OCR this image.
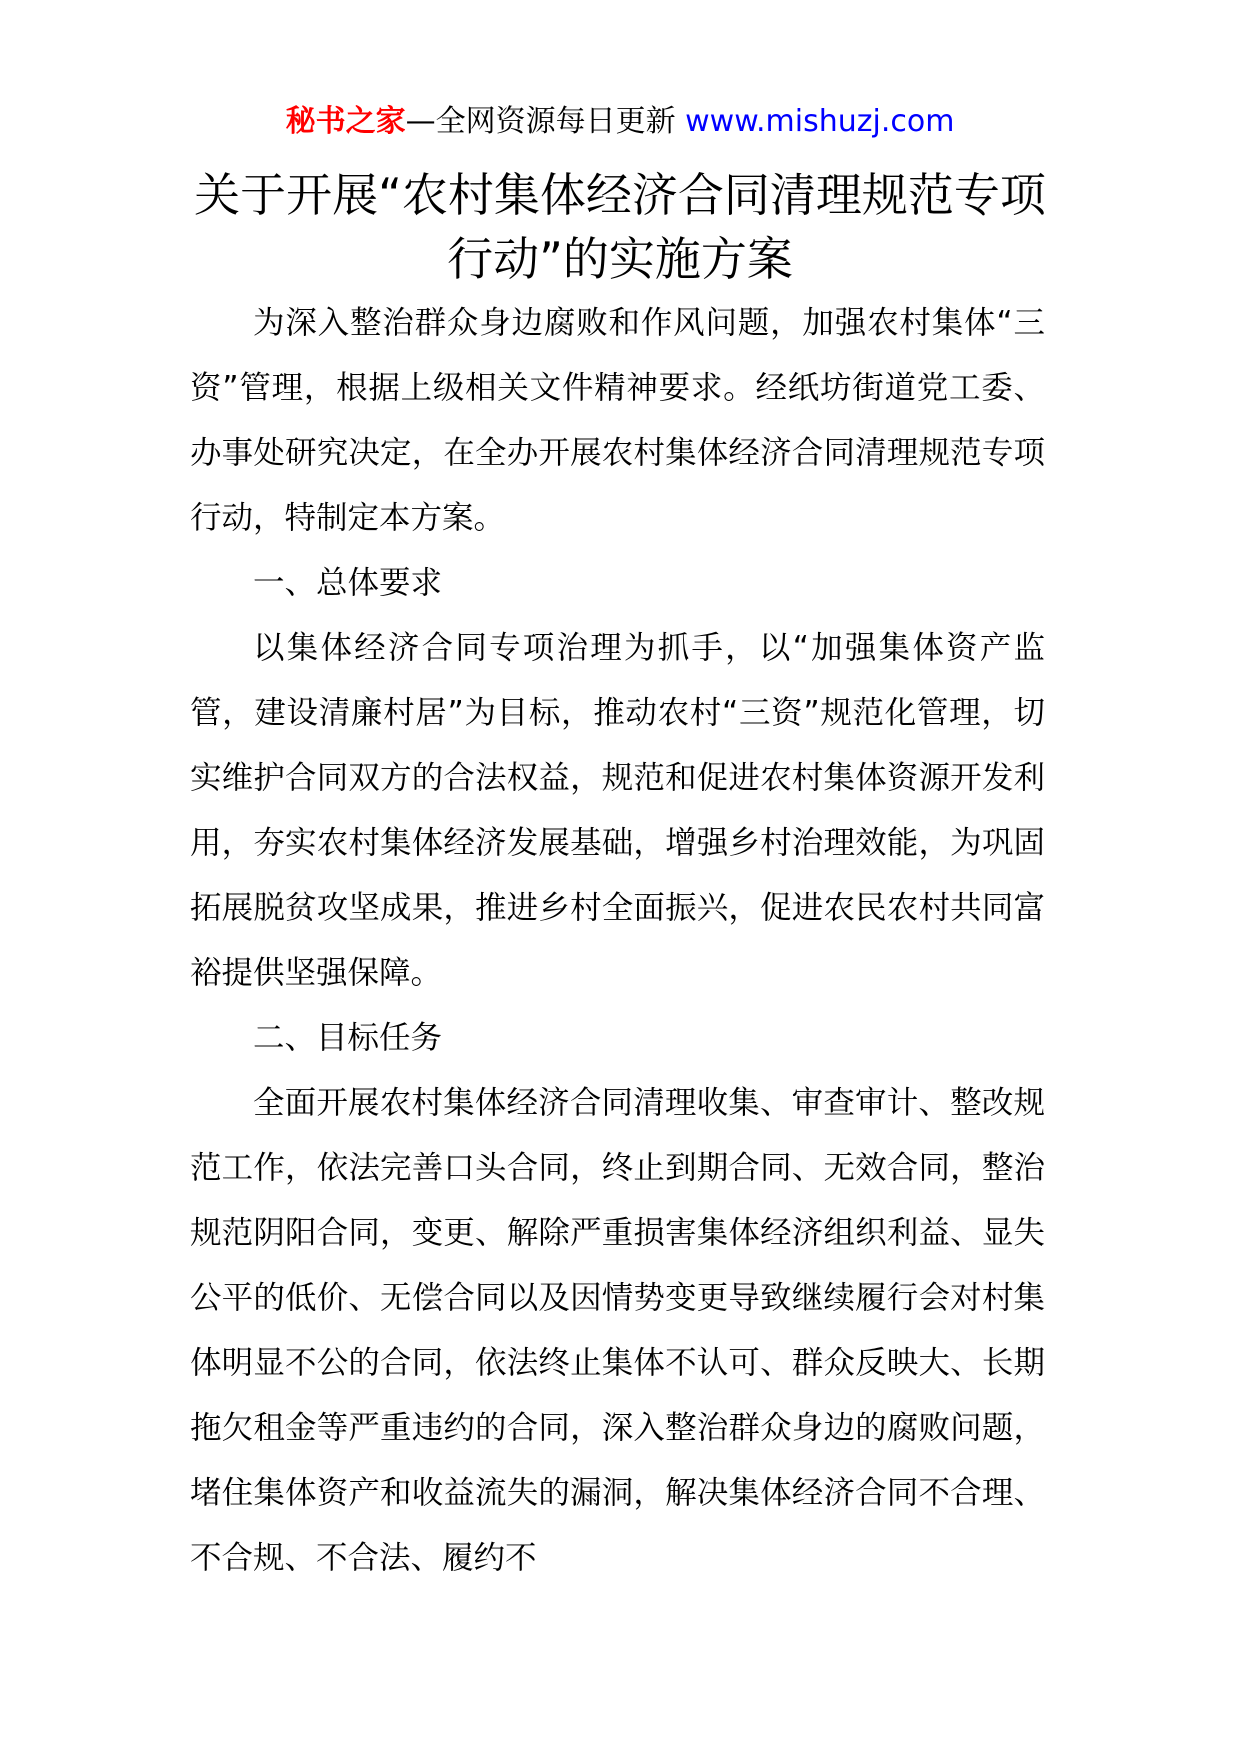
秘书之家—全网资源每日更新 www.mishuzj.com
关于开展“农村集体经济合同清理规范专项行动”的实施方案

为深入整治群众身边腐败和作风问题，加强农村集体“三资”管理，根据上级相关文件精神要求。经纸坊街道党工委、办事处研究决定，在全办开展农村集体经济合同清理规范专项行动，特制定本方案。

一、总体要求

以集体经济合同专项治理为抓手，以“加强集体资产监管，建设清廉村居”为目标，推动农村“三资”规范化管理，切实维护合同双方的合法权益，规范和促进农村集体资源开发利用，夯实农村集体经济发展基础，增强乡村治理效能，为巩固拓展脱贫攻坚成果，推进乡村全面振兴，促进农民农村共同富裕提供坚强保障。

二、目标任务

全面开展农村集体经济合同清理收集、审查审计、整改规范工作，依法完善口头合同，终止到期合同、无效合同，整治规范阴阳合同，变更、解除严重损害集体经济组织利益、显失公平的低价、无偿合同以及因情势变更导致继续履行会对村集体明显不公的合同，依法终止集体不认可、群众反映大、长期拖欠租金等严重违约的合同，深入整治群众身边的腐败问题，堵住集体资产和收益流失的漏洞，解决集体经济合同不合理、不合规、不合法、履约不
